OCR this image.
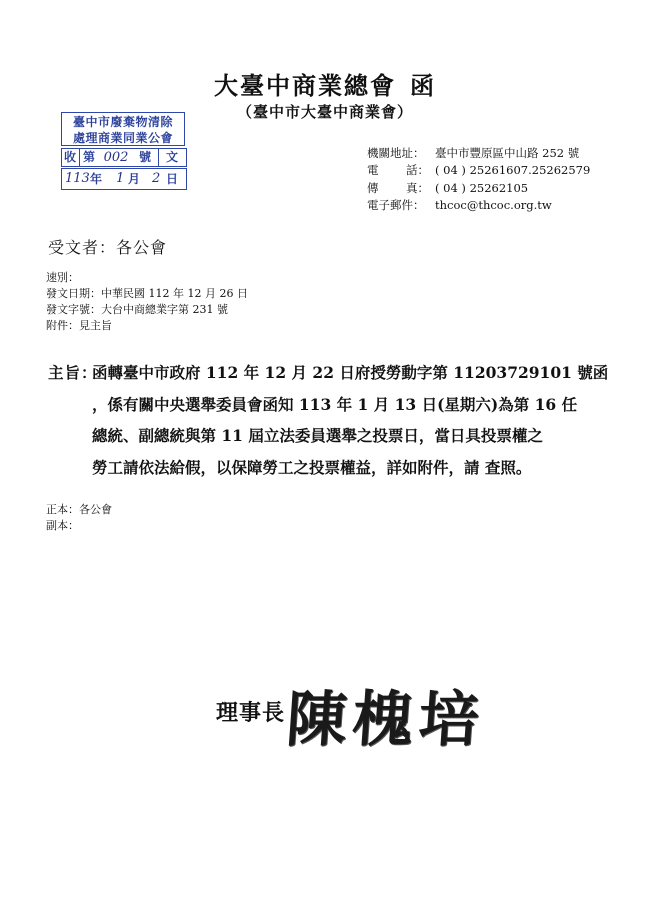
大臺中商業總會 函
（臺中市大臺中商業會）
臺中市廢棄物清除
處理商業同業公會
收 第 002 號	文
113 年 1 月 2 日
機關地址： 臺中市豐原區中山路 252 號
電 話： ( 04 ) 25261607.25262579
傳 真： ( 04 ) 25262105
電子郵件： thcoc@thcoc.org.tw
受文者：各公會
速別：
發文日期：中華民國 112 年 12 月 26 日
發文字號：大台中商總業字第 231 號
附件：見主旨
主旨：
函轉臺中市政府 112 年 12 月 22 日府授勞動字第 11203729101 號函
，係有關中央選舉委員會函知 113 年 1 月 13 日(星期六)為第 16 任
總統、副總統與第 11 屆立法委員選舉之投票日，當日具投票權之
勞工請依法給假，以保障勞工之投票權益，詳如附件，請 查照。
正本：各公會
副本：
理事長 陳槐培
